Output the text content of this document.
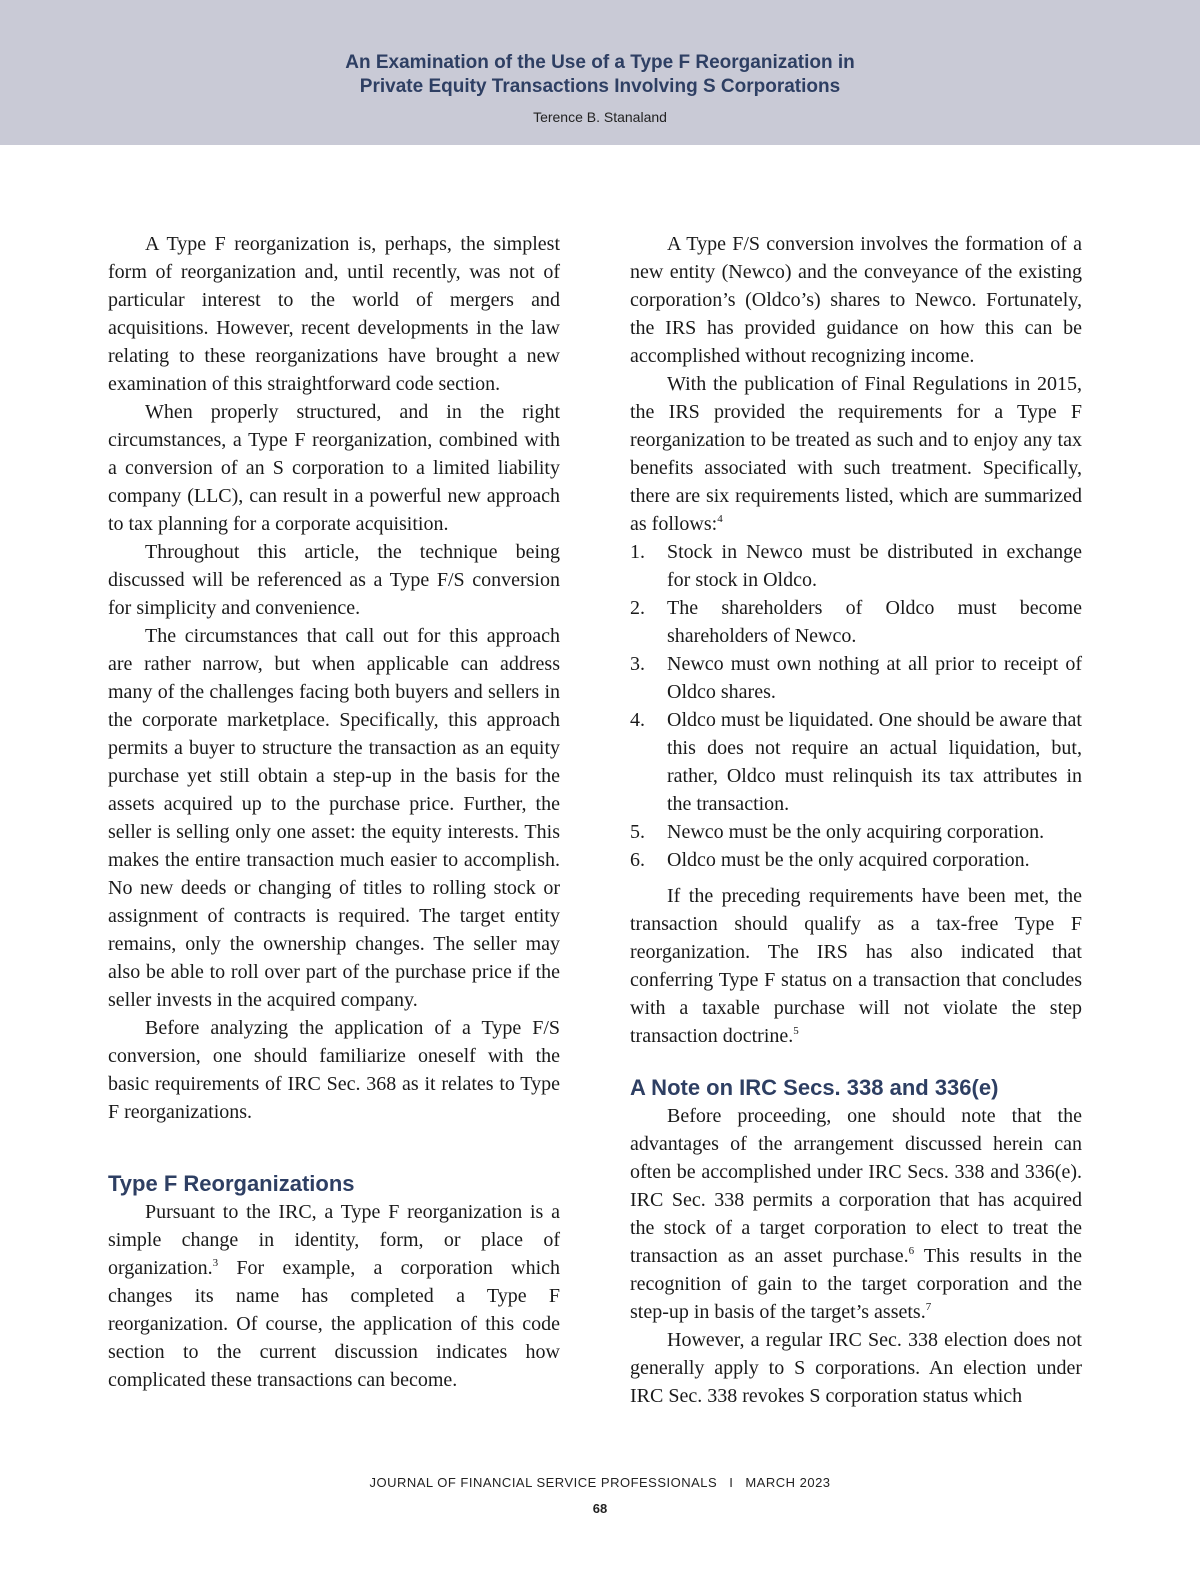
An Examination of the Use of a Type F Reorganization in
Private Equity Transactions Involving S Corporations
Terence B. Stanaland

A Type F reorganization is, perhaps, the simplest form of reorganization and, until recently, was not of particular interest to the world of mergers and acquisitions. However, recent developments in the law relating to these reorganizations have brought a new examination of this straightforward code section.

When properly structured, and in the right circumstances, a Type F reorganization, combined with a conversion of an S corporation to a limited liability company (LLC), can result in a powerful new approach to tax planning for a corporate acquisition.

Throughout this article, the technique being discussed will be referenced as a Type F/S conversion for simplicity and convenience.

The circumstances that call out for this approach are rather narrow, but when applicable can address many of the challenges facing both buyers and sellers in the corporate marketplace. Specifically, this approach permits a buyer to structure the transaction as an equity purchase yet still obtain a step-up in the basis for the assets acquired up to the purchase price. Further, the seller is selling only one asset: the equity interests. This makes the entire transaction much easier to accomplish. No new deeds or changing of titles to rolling stock or assignment of contracts is required. The target entity remains, only the ownership changes. The seller may also be able to roll over part of the purchase price if the seller invests in the acquired company.

Before analyzing the application of a Type F/S conversion, one should familiarize oneself with the basic requirements of IRC Sec. 368 as it relates to Type F reorganizations.

Type F Reorganizations

Pursuant to the IRC, a Type F reorganization is a simple change in identity, form, or place of organization.$^3$ For example, a corporation which changes its name has completed a Type F reorganization. Of course, the application of this code section to the current discussion indicates how complicated these transactions can become.

A Type F/S conversion involves the formation of a new entity (Newco) and the conveyance of the existing corporation’s (Oldco’s) shares to Newco. Fortunately, the IRS has provided guidance on how this can be accomplished without recognizing income.

With the publication of Final Regulations in 2015, the IRS provided the requirements for a Type F reorganization to be treated as such and to enjoy any tax benefits associated with such treatment. Specifically, there are six requirements listed, which are summarized as follows:$^4$

1. Stock in Newco must be distributed in exchange for stock in Oldco.
2. The shareholders of Oldco must become shareholders of Newco.
3. Newco must own nothing at all prior to receipt of Oldco shares.
4. Oldco must be liquidated. One should be aware that this does not require an actual liquidation, but, rather, Oldco must relinquish its tax attributes in the transaction.
5. Newco must be the only acquiring corporation.
6. Oldco must be the only acquired corporation.

If the preceding requirements have been met, the transaction should qualify as a tax-free Type F reorganization. The IRS has also indicated that conferring Type F status on a transaction that concludes with a taxable purchase will not violate the step transaction doctrine.$^5$

A Note on IRC Secs. 338 and 336(e)

Before proceeding, one should note that the advantages of the arrangement discussed herein can often be accomplished under IRC Secs. 338 and 336(e). IRC Sec. 338 permits a corporation that has acquired the stock of a target corporation to elect to treat the transaction as an asset purchase.$^6$ This results in the recognition of gain to the target corporation and the step-up in basis of the target’s assets.$^7$

However, a regular IRC Sec. 338 election does not generally apply to S corporations. An election under IRC Sec. 338 revokes S corporation status which

JOURNAL OF FINANCIAL SERVICE PROFESSIONALS I MARCH 2023
68
